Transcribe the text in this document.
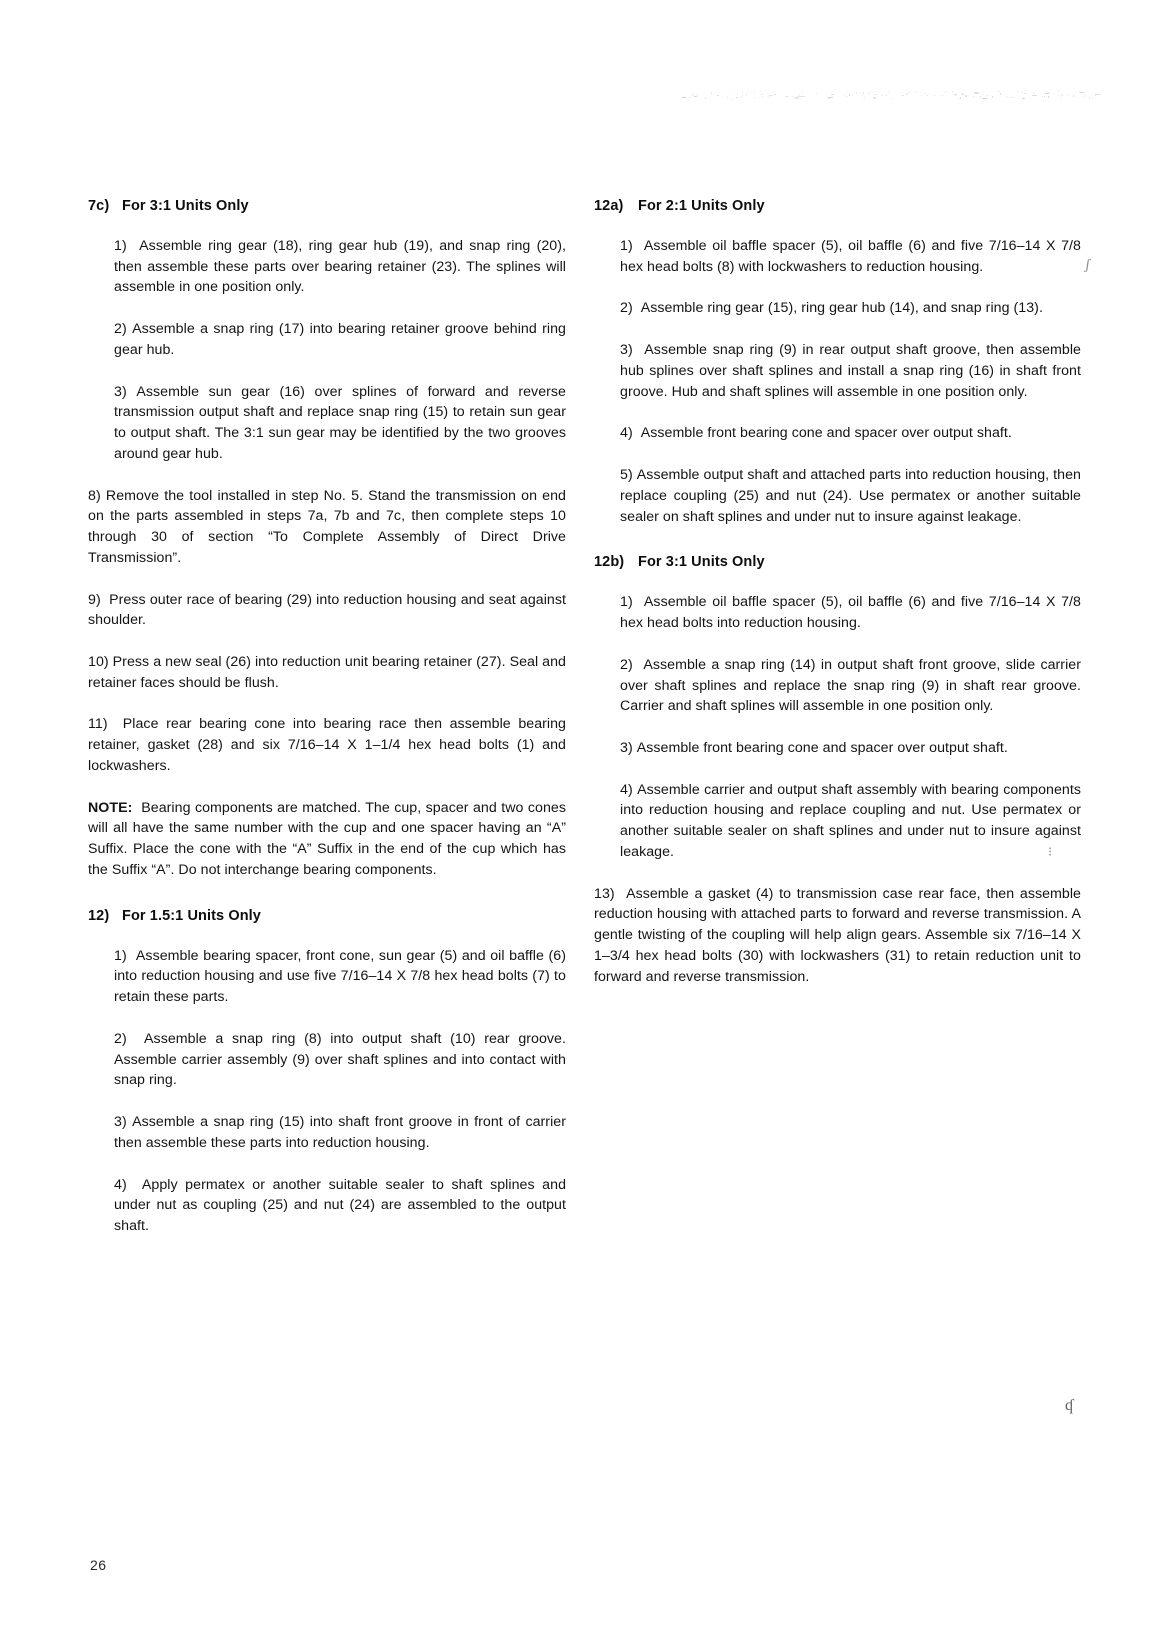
ʃ
⁝
ʠ
7c) For 3:1 Units Only

1) Assemble ring gear (18), ring gear hub (19), and snap ring (20), then assemble these parts over bearing retainer (23). The splines will assemble in one position only.

2) Assemble a snap ring (17) into bearing retainer groove behind ring gear hub.

3) Assemble sun gear (16) over splines of forward and reverse transmission output shaft and replace snap ring (15) to retain sun gear to output shaft. The 3:1 sun gear may be identified by the two grooves around gear hub.

8) Remove the tool installed in step No. 5. Stand the transmission on end on the parts assembled in steps 7a, 7b and 7c, then complete steps 10 through 30 of section “To Complete Assembly of Direct Drive Transmission”.

9) Press outer race of bearing (29) into reduction housing and seat against shoulder.

10) Press a new seal (26) into reduction unit bearing retainer (27). Seal and retainer faces should be flush.

11) Place rear bearing cone into bearing race then assemble bearing retainer, gasket (28) and six 7/16–14 X 1–1/4 hex head bolts (1) and lockwashers.

NOTE: Bearing components are matched. The cup, spacer and two cones will all have the same number with the cup and one spacer having an “A” Suffix. Place the cone with the “A” Suffix in the end of the cup which has the Suffix “A”. Do not interchange bearing components.

12) For 1.5:1 Units Only

1) Assemble bearing spacer, front cone, sun gear (5) and oil baffle (6) into reduction housing and use five 7/16–14 X 7/8 hex head bolts (7) to retain these parts.

2) Assemble a snap ring (8) into output shaft (10) rear groove. Assemble carrier assembly (9) over shaft splines and into contact with snap ring.

3) Assemble a snap ring (15) into shaft front groove in front of carrier then assemble these parts into reduction housing.

4) Apply permatex or another suitable sealer to shaft splines and under nut as coupling (25) and nut (24) are assembled to the output shaft.

12a) For 2:1 Units Only

1) Assemble oil baffle spacer (5), oil baffle (6) and five 7/16–14 X 7/8 hex head bolts (8) with lockwashers to reduction housing.

2) Assemble ring gear (15), ring gear hub (14), and snap ring (13).

3) Assemble snap ring (9) in rear output shaft groove, then assemble hub splines over shaft splines and install a snap ring (16) in shaft front groove. Hub and shaft splines will assemble in one position only.

4) Assemble front bearing cone and spacer over output shaft.

5) Assemble output shaft and attached parts into reduction housing, then replace coupling (25) and nut (24). Use permatex or another suitable sealer on shaft splines and under nut to insure against leakage.

12b) For 3:1 Units Only

1) Assemble oil baffle spacer (5), oil baffle (6) and five 7/16–14 X 7/8 hex head bolts into reduction housing.

2) Assemble a snap ring (14) in output shaft front groove, slide carrier over shaft splines and replace the snap ring (9) in shaft rear groove. Carrier and shaft splines will assemble in one position only.

3) Assemble front bearing cone and spacer over output shaft.

4) Assemble carrier and output shaft assembly with bearing components into reduction housing and replace coupling and nut. Use permatex or another suitable sealer on shaft splines and under nut to insure against leakage.

13) Assemble a gasket (4) to transmission case rear face, then assemble reduction housing with attached parts to forward and reverse transmission. A gentle twisting of the coupling will help align gears. Assemble six 7/16–14 X 1–3/4 hex head bolts (30) with lockwashers (31) to retain reduction unit to forward and reverse transmission.

26
